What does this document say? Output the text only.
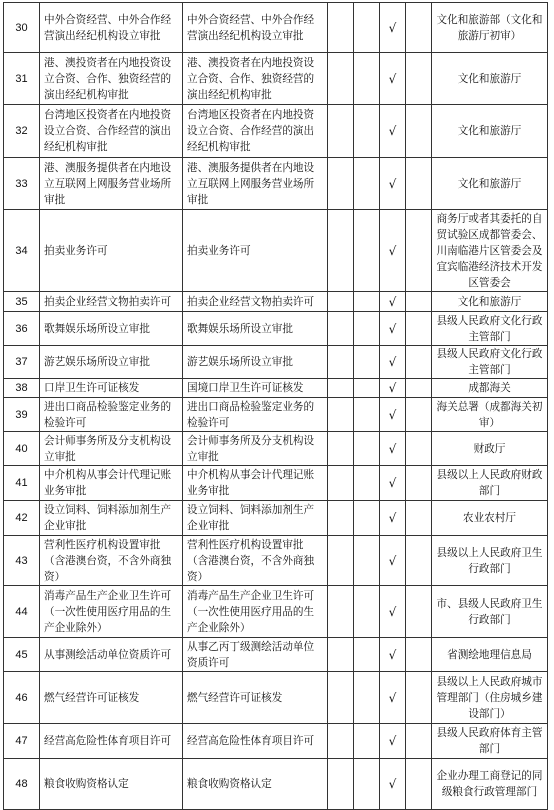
30	中外合资经营、中外合作经营演出经纪机构设立审批	中外合资经营、中外合作经营演出经纪机构设立审批			√		文化和旅游部（文化和旅游厅初审）
31	港、澳投资者在内地投资设立合资、合作、独资经营的演出经纪机构审批	港、澳投资者在内地投资设立合资、合作、独资经营的演出经纪机构审批			√		文化和旅游厅
32	台湾地区投资者在内地投资设立合资、合作经营的演出经纪机构审批	台湾地区投资者在内地投资设立合资、合作经营的演出经纪机构审批			√		文化和旅游厅
33	港、澳服务提供者在内地设立互联网上网服务营业场所审批	港、澳服务提供者在内地设立互联网上网服务营业场所审批			√		文化和旅游厅
34	拍卖业务许可	拍卖业务许可			√		商务厅或者其委托的自贸试验区成都管委会、川南临港片区管委会及宜宾临港经济技术开发区管委会
35	拍卖企业经营文物拍卖许可	拍卖企业经营文物拍卖许可			√		文化和旅游厅
36	歌舞娱乐场所设立审批	歌舞娱乐场所设立审批			√		县级人民政府文化行政主管部门
37	游艺娱乐场所设立审批	游艺娱乐场所设立审批			√		县级人民政府文化行政主管部门
38	口岸卫生许可证核发	国境口岸卫生许可证核发			√		成都海关
39	进出口商品检验鉴定业务的检验许可	进出口商品检验鉴定业务的检验许可			√		海关总署（成都海关初审）
40	会计师事务所及分支机构设立审批	会计师事务所及分支机构设立审批			√		财政厅
41	中介机构从事会计代理记账业务审批	中介机构从事会计代理记账业务审批			√		县级以上人民政府财政部门
42	设立饲料、饲料添加剂生产企业审批	设立饲料、饲料添加剂生产企业审批			√		农业农村厅
43	营利性医疗机构设置审批（含港澳台资，不含外商独资）	营利性医疗机构设置审批（含港澳台资，不含外商独资）			√		县级以上人民政府卫生行政部门
44	消毒产品生产企业卫生许可（一次性使用医疗用品的生产企业除外）	消毒产品生产企业卫生许可（一次性使用医疗用品的生产企业除外）			√		市、县级人民政府卫生行政部门
45	从事测绘活动单位资质许可	从事乙丙丁级测绘活动单位资质许可			√		省测绘地理信息局
46	燃气经营许可证核发	燃气经营许可证核发			√		县级以上人民政府城市管理部门（住房城乡建设部门）
47	经营高危险性体育项目许可	经营高危险性体育项目许可			√		县级人民政府体育主管部门
48	粮食收购资格认定	粮食收购资格认定			√		企业办理工商登记的同级粮食行政管理部门
